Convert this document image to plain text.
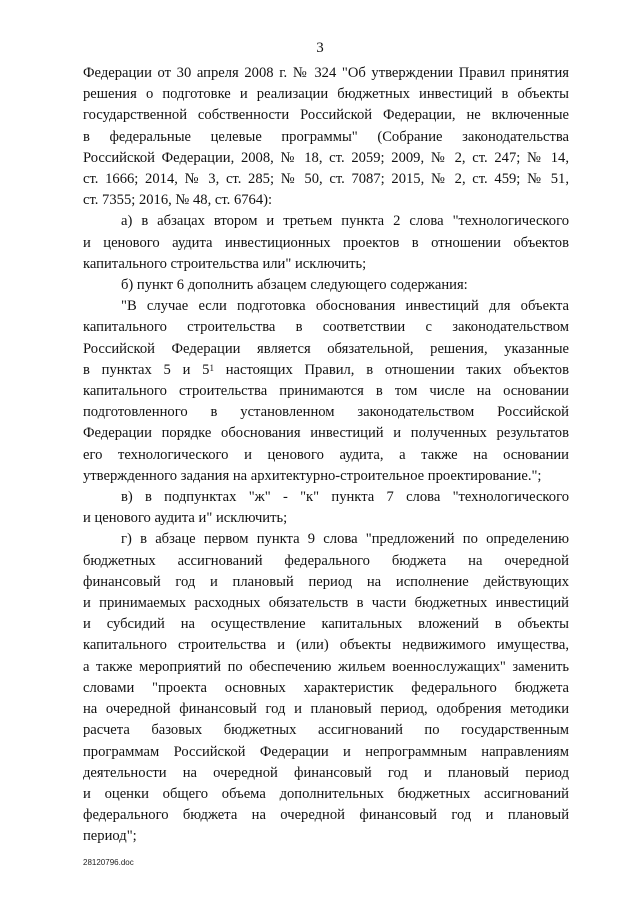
3
Федерации от 30 апреля 2008 г. № 324 "Об утверждении Правил принятия
решения о подготовке и реализации бюджетных инвестиций в объекты
государственной собственности Российской Федерации, не включенные
в федеральные целевые программы" (Собрание законодательства
Российской Федерации, 2008, № 18, ст. 2059; 2009, № 2, ст. 247; № 14,
ст. 1666; 2014, № 3, ст. 285; № 50, ст. 7087; 2015, № 2, ст. 459; № 51,
ст. 7355; 2016, № 48, ст. 6764):
а) в абзацах втором и третьем пункта 2 слова "технологического
и ценового аудита инвестиционных проектов в отношении объектов
капитального строительства или" исключить;
б) пункт 6 дополнить абзацем следующего содержания:
"В случае если подготовка обоснования инвестиций для объекта
капитального строительства в соответствии с законодательством
Российской Федерации является обязательной, решения, указанные
в пунктах 5 и $5^1$ настоящих Правил, в отношении таких объектов
капитального строительства принимаются в том числе на основании
подготовленного в установленном законодательством Российской
Федерации порядке обоснования инвестиций и полученных результатов
его технологического и ценового аудита, а также на основании
утвержденного задания на архитектурно-строительное проектирование.";
в) в подпунктах "ж" - "к" пункта 7 слова "технологического
и ценового аудита и" исключить;
г) в абзаце первом пункта 9 слова "предложений по определению
бюджетных ассигнований федерального бюджета на очередной
финансовый год и плановый период на исполнение действующих
и принимаемых расходных обязательств в части бюджетных инвестиций
и субсидий на осуществление капитальных вложений в объекты
капитального строительства и (или) объекты недвижимого имущества,
а также мероприятий по обеспечению жильем военнослужащих" заменить
словами "проекта основных характеристик федерального бюджета
на очередной финансовый год и плановый период, одобрения методики
расчета базовых бюджетных ассигнований по государственным
программам Российской Федерации и непрограммным направлениям
деятельности на очередной финансовый год и плановый период
и оценки общего объема дополнительных бюджетных ассигнований
федерального бюджета на очередной финансовый год и плановый
период";
28120796.doc
